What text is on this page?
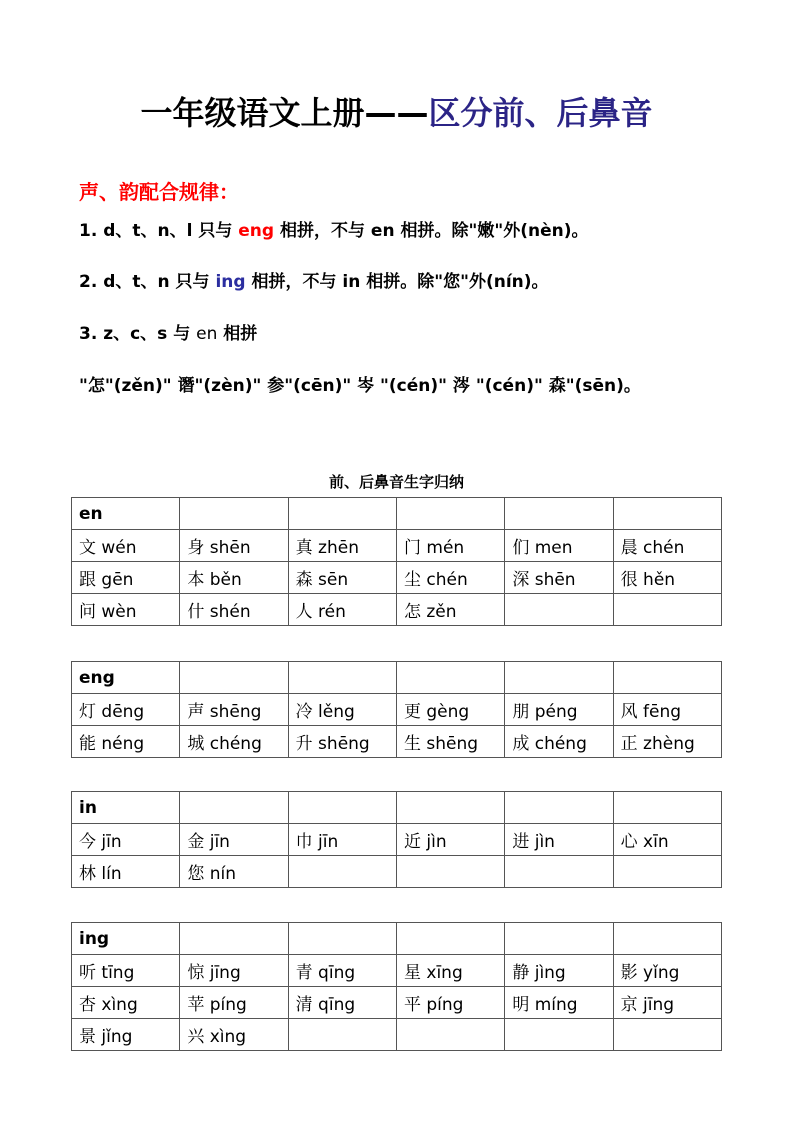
一年级语文上册——区分前、后鼻音
声、韵配合规律：
1. d、t、n、l 只与 eng 相拼，不与 en 相拼。除"嫩"外(nèn)。
2. d、t、n 只与 ing 相拼，不与 in 相拼。除"您"外(nín)。
3. z、c、s 与 en 相拼
"怎"(zěn)" 谮"(zèn)" 参"(cēn)" 岑 "(cén)" 涔 "(cén)" 森"(sēn)。
前、后鼻音生字归纳
en					
文 wén	身 shēn	真 zhēn	门 mén	们 men	晨 chén
跟 gēn	本 běn	森 sēn	尘 chén	深 shēn	很 hěn
问 wèn	什 shén	人 rén	怎 zěn		
eng					
灯 dēng	声 shēng	冷 lěng	更 gèng	朋 péng	风 fēng
能 néng	城 chéng	升 shēng	生 shēng	成 chéng	正 zhèng
in					
今 jīn	金 jīn	巾 jīn	近 jìn	进 jìn	心 xīn
林 lín	您 nín				
ing					
听 tīng	惊 jīng	青 qīng	星 xīng	静 jìng	影 yǐng
杏 xìng	苹 píng	清 qīng	平 píng	明 míng	京 jīng
景 jǐng	兴 xìng				
